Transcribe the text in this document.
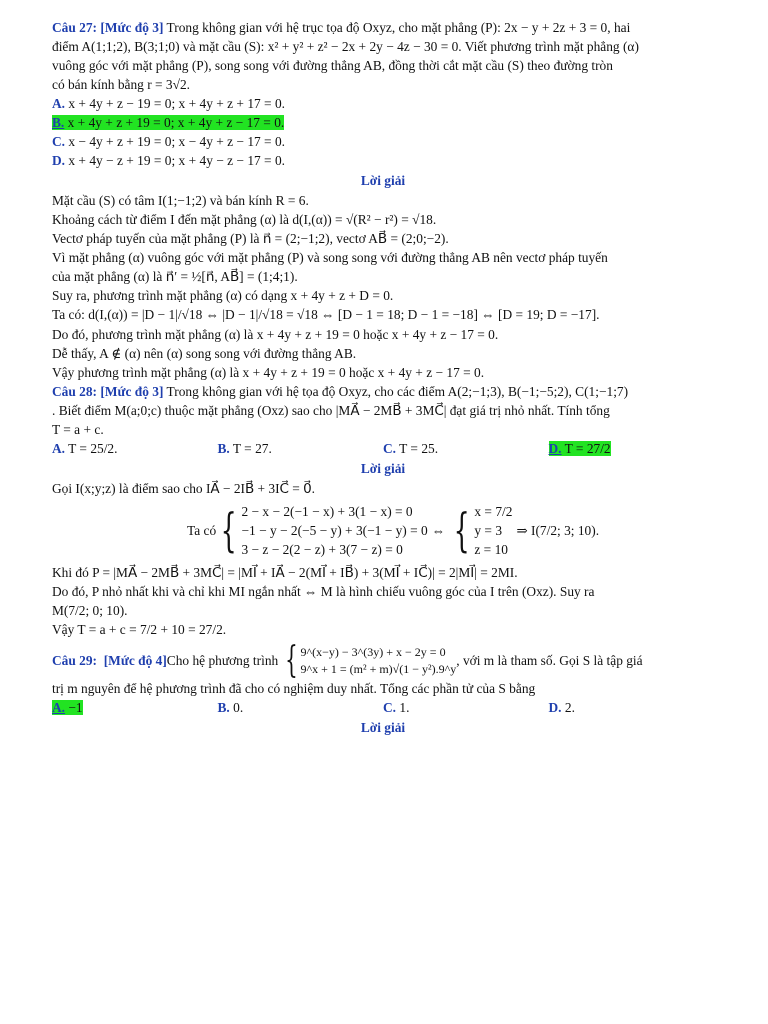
Câu 27: [Mức độ 3] Trong không gian với hệ trục tọa độ Oxyz, cho mặt phẳng (P): 2x − y + 2z + 3 = 0, hai
điểm A(1;1;2), B(3;1;0) và mặt cầu (S): x² + y² + z² − 2x + 2y − 4z − 30 = 0. Viết phương trình mặt phẳng (α)
vuông góc với mặt phẳng (P), song song với đường thẳng AB, đồng thời cắt mặt cầu (S) theo đường tròn
có bán kính bằng r = 3√2.
A. x + 4y + z − 19 = 0; x + 4y + z + 17 = 0.
B. x + 4y + z + 19 = 0; x + 4y + z − 17 = 0.
C. x − 4y + z + 19 = 0; x − 4y + z − 17 = 0.
D. x + 4y − z + 19 = 0; x + 4y − z − 17 = 0.
Lời giải
Mặt cầu (S) có tâm I(1;−1;2) và bán kính R = 6.
Khoảng cách từ điểm I đến mặt phẳng (α) là d(I,(α)) = √(R² − r²) = √18.
Vectơ pháp tuyến của mặt phẳng (P) là n⃗ = (2;−1;2), vectơ AB⃗ = (2;0;−2).
Vì mặt phẳng (α) vuông góc với mặt phẳng (P) và song song với đường thẳng AB nên vectơ pháp tuyến
của mặt phẳng (α) là n⃗′ = ½[n⃗, AB⃗] = (1;4;1).
Suy ra, phương trình mặt phẳng (α) có dạng x + 4y + z + D = 0.
Ta có: d(I,(α)) = |D − 1|/√18 ⇔ |D − 1|/√18 = √18 ⇔ [D − 1 = 18; D − 1 = −18] ⇔ [D = 19; D = −17].
Do đó, phương trình mặt phẳng (α) là x + 4y + z + 19 = 0 hoặc x + 4y + z − 17 = 0.
Dễ thấy, A ∉ (α) nên (α) song song với đường thẳng AB.
Vậy phương trình mặt phẳng (α) là x + 4y + z + 19 = 0 hoặc x + 4y + z − 17 = 0.
Câu 28: [Mức độ 3] Trong không gian với hệ tọa độ Oxyz, cho các điểm A(2;−1;3), B(−1;−5;2), C(1;−1;7)
. Biết điểm M(a;0;c) thuộc mặt phẳng (Oxz) sao cho |MA⃗ − 2MB⃗ + 3MC⃗| đạt giá trị nhỏ nhất. Tính tổng
T = a + c.
A. T = 25/2.	B. T = 27.	C. T = 25.	D. T = 27/2
Lời giải
Gọi I(x;y;z) là điểm sao cho IA⃗ − 2IB⃗ + 3IC⃗ = 0⃗.
Ta có { 2 − x − 2(−1 − x) + 3(1 − x) = 0
−1 − y − 2(−5 − y) + 3(−1 − y) = 0
3 − z − 2(2 − z) + 3(7 − z) = 0
⇔ { x = 7/2
y = 3
z = 10
⇒ I(7/2; 3; 10).
Khi đó P = |MA⃗ − 2MB⃗ + 3MC⃗| = |MI⃗ + IA⃗ − 2(MI⃗ + IB⃗) + 3(MI⃗ + IC⃗)| = 2|MI⃗| = 2MI.
Do đó, P nhỏ nhất khi và chỉ khi MI ngắn nhất ⇔ M là hình chiếu vuông góc của I trên (Oxz). Suy ra
M(7/2; 0; 10).
Vậy T = a + c = 7/2 + 10 = 27/2.
Câu 29:
[Mức độ 4] Cho hệ phương trình
{ 9^(x−y) − 3^(3y) + x − 2y = 0
9^x + 1 = (m² + m)√(1 − y²).9^y
, với m là tham số. Gọi S là tập giá
trị m nguyên để hệ phương trình đã cho có nghiệm duy nhất. Tổng các phần tử của S bằng
A. −1	B. 0.	C. 1.	D. 2.
Lời giải
